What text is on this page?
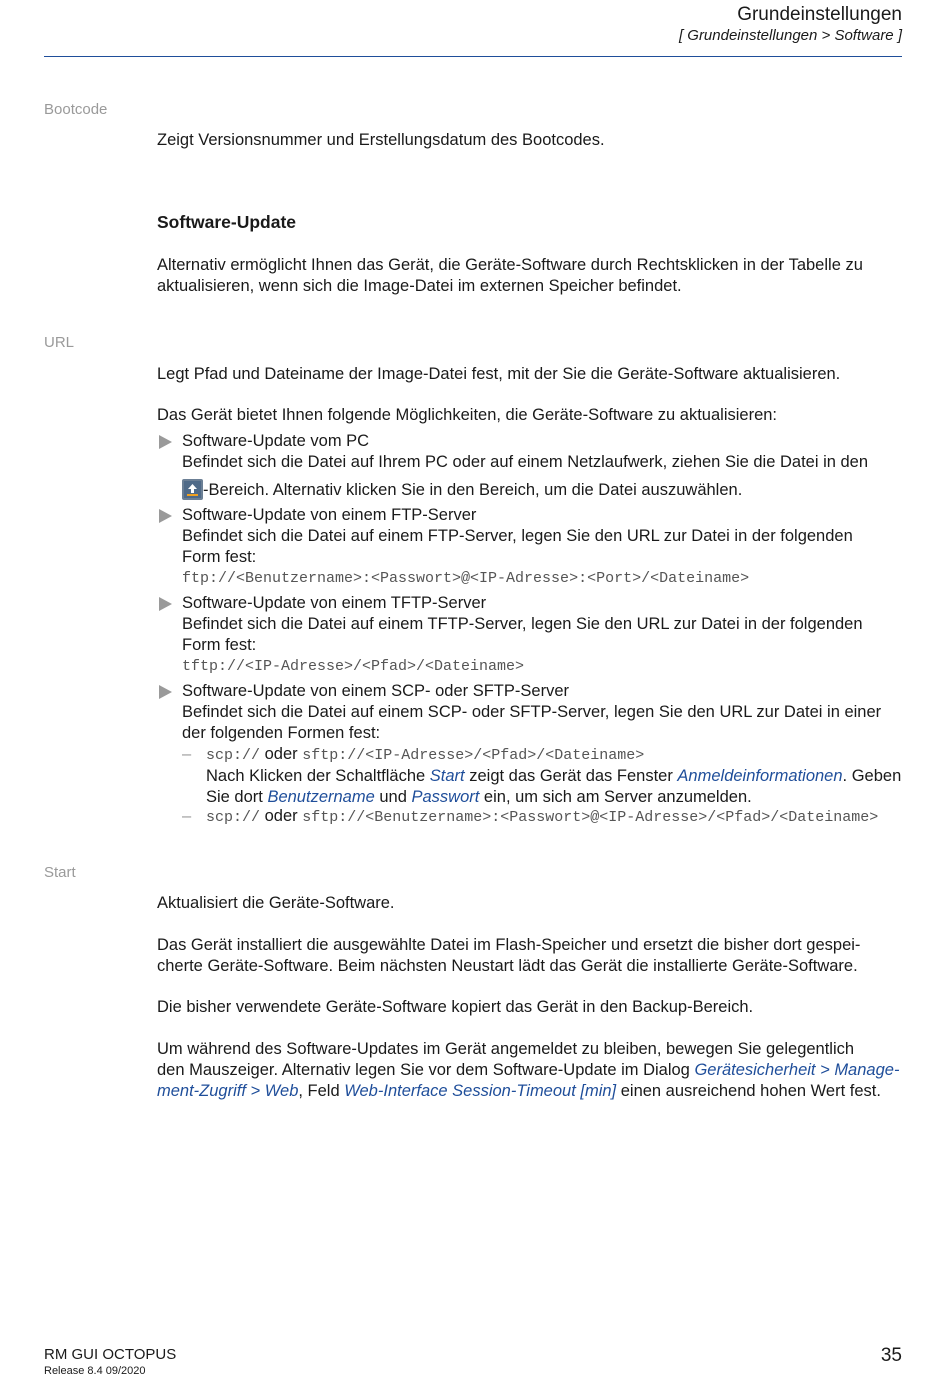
Grundeinstellungen
[ Grundeinstellungen > Software ]
Bootcode
Zeigt Versionsnummer und Erstellungsdatum des Bootcodes.
Software-Update
Alternativ ermöglicht Ihnen das Gerät, die Geräte-Software durch Rechtsklicken in der Tabelle zu
aktualisieren, wenn sich die Image-Datei im externen Speicher befindet.
URL
Legt Pfad und Dateiname der Image-Datei fest, mit der Sie die Geräte-Software aktualisieren.
Das Gerät bietet Ihnen folgende Möglichkeiten, die Geräte-Software zu aktualisieren:
Software-Update vom PC
Befindet sich die Datei auf Ihrem PC oder auf einem Netzlaufwerk, ziehen Sie die Datei in den
-Bereich. Alternativ klicken Sie in den Bereich, um die Datei auszuwählen.
Software-Update von einem FTP-Server
Befindet sich die Datei auf einem FTP-Server, legen Sie den URL zur Datei in der folgenden
Form fest:
ftp://<Benutzername>:<Passwort>@<IP-Adresse>:<Port>/<Dateiname>
Software-Update von einem TFTP-Server
Befindet sich die Datei auf einem TFTP-Server, legen Sie den URL zur Datei in der folgenden
Form fest:
tftp://<IP-Adresse>/<Pfad>/<Dateiname>
Software-Update von einem SCP- oder SFTP-Server
Befindet sich die Datei auf einem SCP- oder SFTP-Server, legen Sie den URL zur Datei in einer
der folgenden Formen fest:
– scp:// oder sftp://<IP-Adresse>/<Pfad>/<Dateiname>
Nach Klicken der Schaltfläche Start zeigt das Gerät das Fenster Anmeldeinformationen. Geben
Sie dort Benutzername und Passwort ein, um sich am Server anzumelden.
– scp:// oder sftp://<Benutzername>:<Passwort>@<IP-Adresse>/<Pfad>/<Dateiname>
Start
Aktualisiert die Geräte-Software.
Das Gerät installiert die ausgewählte Datei im Flash-Speicher und ersetzt die bisher dort gespei-
cherte Geräte-Software. Beim nächsten Neustart lädt das Gerät die installierte Geräte-Software.
Die bisher verwendete Geräte-Software kopiert das Gerät in den Backup-Bereich.
Um während des Software-Updates im Gerät angemeldet zu bleiben, bewegen Sie gelegentlich
den Mauszeiger. Alternativ legen Sie vor dem Software-Update im Dialog Gerätesicherheit > Manage-
ment-Zugriff > Web, Feld Web-Interface Session-Timeout [min] einen ausreichend hohen Wert fest.
RM GUI OCTOPUS
Release 8.4 09/2020
35
